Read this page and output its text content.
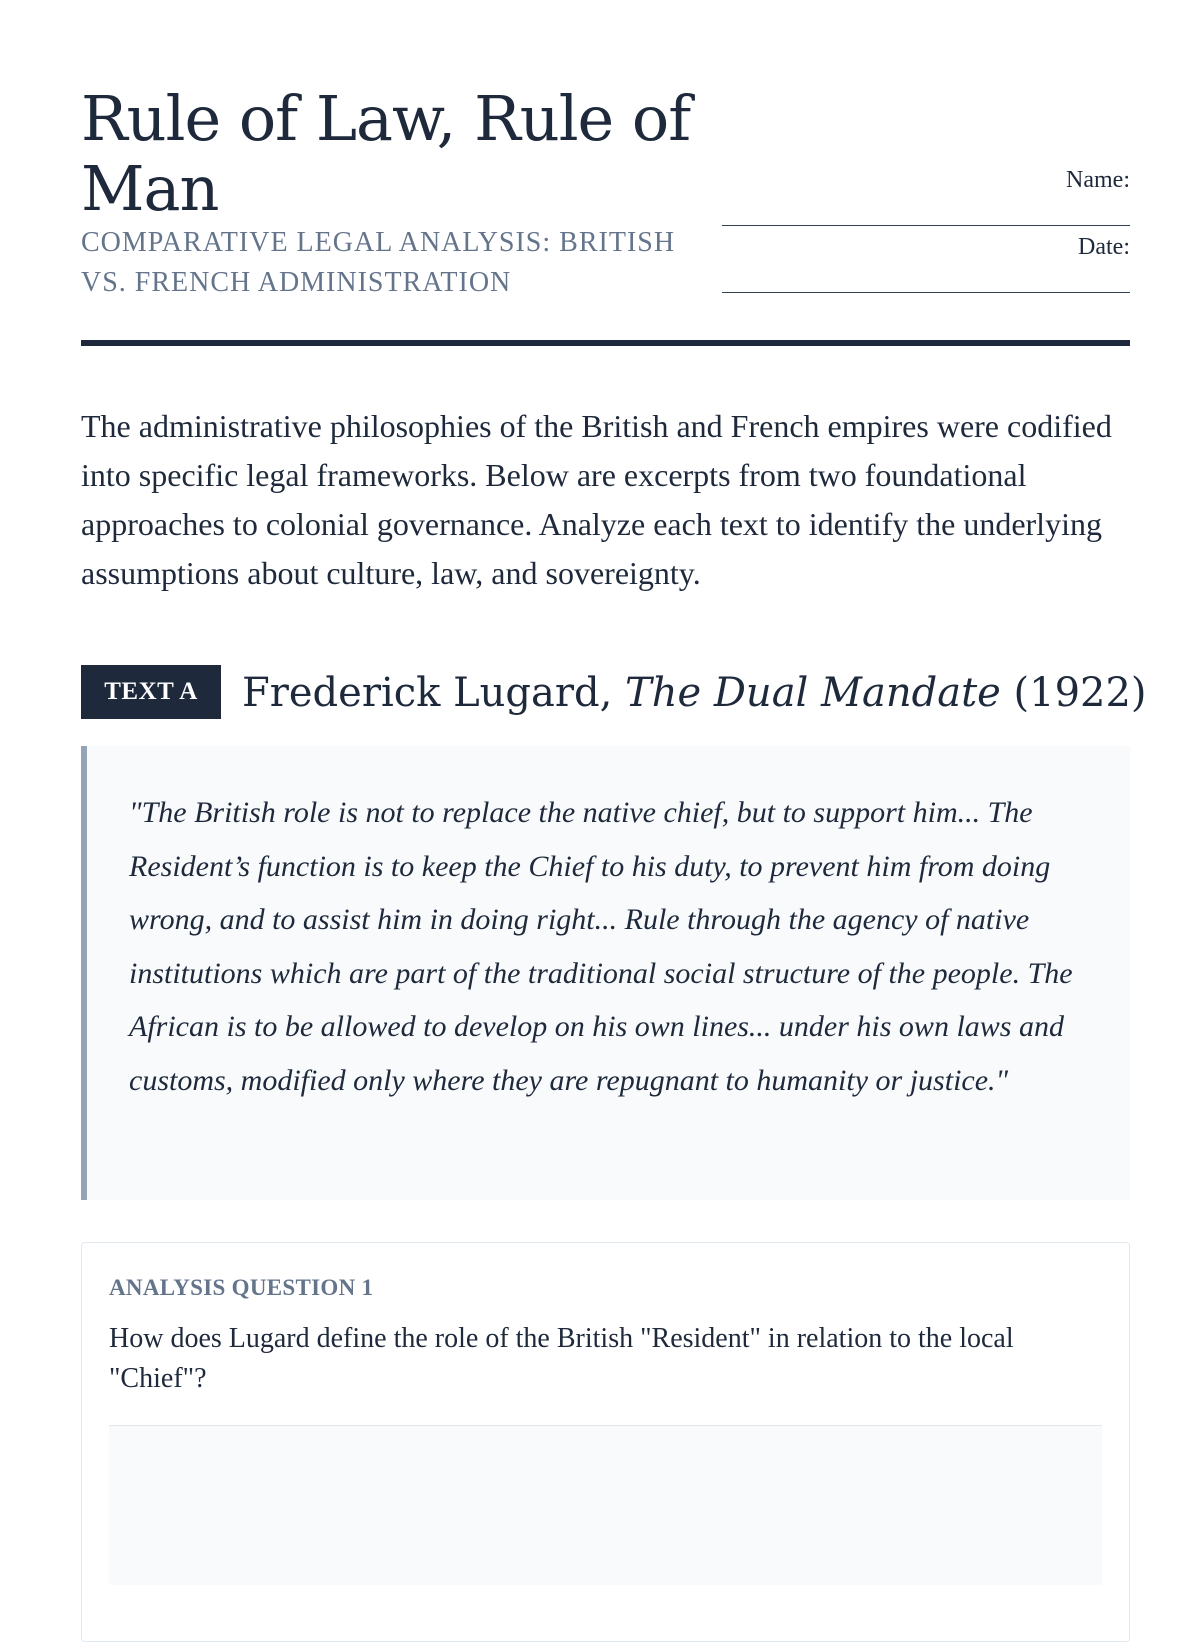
Rule of Law, Rule of Man
COMPARATIVE LEGAL ANALYSIS: BRITISH VS. FRENCH ADMINISTRATION
Name:
Date:

The administrative philosophies of the British and French empires were codified into specific legal frameworks. Below are excerpts from two foundational approaches to colonial governance. Analyze each text to identify the underlying assumptions about culture, law, and sovereignty.

TEXT A	Frederick Lugard, The Dual Mandate (1922)

"The British role is not to replace the native chief, but to support him... The Resident’s function is to keep the Chief to his duty, to prevent him from doing wrong, and to assist him in doing right... Rule through the agency of native institutions which are part of the traditional social structure of the people. The African is to be allowed to develop on his own lines... under his own laws and customs, modified only where they are repugnant to humanity or justice."

ANALYSIS QUESTION 1

How does Lugard define the role of the British "Resident" in relation to the local "Chief"?
